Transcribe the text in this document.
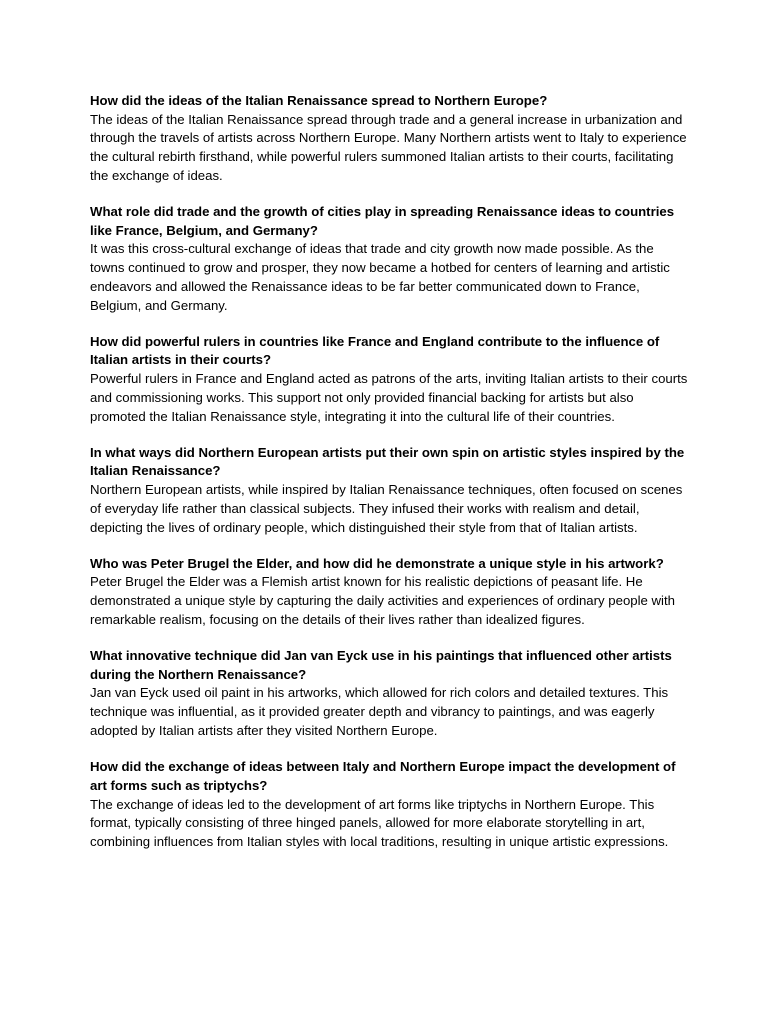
How did the ideas of the Italian Renaissance spread to Northern Europe?

The ideas of the Italian Renaissance spread through trade and a general increase in urbanization and through the travels of artists across Northern Europe. Many Northern artists went to Italy to experience the cultural rebirth firsthand, while powerful rulers summoned Italian artists to their courts, facilitating the exchange of ideas.

What role did trade and the growth of cities play in spreading Renaissance ideas to countries like France, Belgium, and Germany?

It was this cross-cultural exchange of ideas that trade and city growth now made possible. As the towns continued to grow and prosper, they now became a hotbed for centers of learning and artistic endeavors and allowed the Renaissance ideas to be far better communicated down to France, Belgium, and Germany.

How did powerful rulers in countries like France and England contribute to the influence of Italian artists in their courts?

Powerful rulers in France and England acted as patrons of the arts, inviting Italian artists to their courts and commissioning works. This support not only provided financial backing for artists but also promoted the Italian Renaissance style, integrating it into the cultural life of their countries.

In what ways did Northern European artists put their own spin on artistic styles inspired by the Italian Renaissance?

Northern European artists, while inspired by Italian Renaissance techniques, often focused on scenes of everyday life rather than classical subjects. They infused their works with realism and detail, depicting the lives of ordinary people, which distinguished their style from that of Italian artists.

Who was Peter Brugel the Elder, and how did he demonstrate a unique style in his artwork?

Peter Brugel the Elder was a Flemish artist known for his realistic depictions of peasant life. He demonstrated a unique style by capturing the daily activities and experiences of ordinary people with remarkable realism, focusing on the details of their lives rather than idealized figures.

What innovative technique did Jan van Eyck use in his paintings that influenced other artists during the Northern Renaissance?

Jan van Eyck used oil paint in his artworks, which allowed for rich colors and detailed textures. This technique was influential, as it provided greater depth and vibrancy to paintings, and was eagerly adopted by Italian artists after they visited Northern Europe.

How did the exchange of ideas between Italy and Northern Europe impact the development of art forms such as triptychs?

The exchange of ideas led to the development of art forms like triptychs in Northern Europe. This format, typically consisting of three hinged panels, allowed for more elaborate storytelling in art, combining influences from Italian styles with local traditions, resulting in unique artistic expressions.
